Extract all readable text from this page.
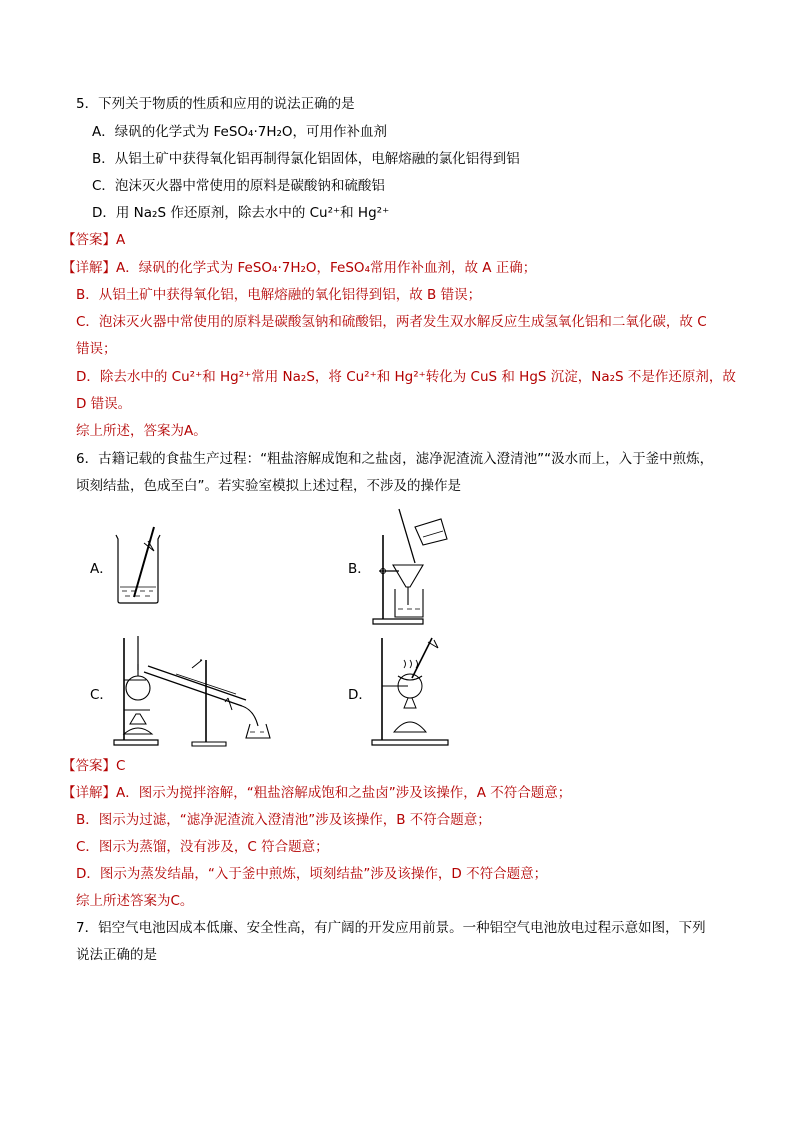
5．下列关于物质的性质和应用的说法正确的是
A．绿矾的化学式为 FeSO₄·7H₂O，可用作补血剂
B．从铝土矿中获得氧化铝再制得氯化铝固体，电解熔融的氯化铝得到铝
C．泡沫灭火器中常使用的原料是碳酸钠和硫酸铝
D．用 Na₂S 作还原剂，除去水中的 Cu²⁺和 Hg²⁺
【答案】A
【详解】A．绿矾的化学式为 FeSO₄·7H₂O，FeSO₄常用作补血剂，故 A 正确；
B．从铝土矿中获得氧化铝，电解熔融的氧化铝得到铝，故 B 错误；
C．泡沫灭火器中常使用的原料是碳酸氢钠和硫酸铝，两者发生双水解反应生成氢氧化铝和二氧化碳，故 C
错误；
D．除去水中的 Cu²⁺和 Hg²⁺常用 Na₂S，将 Cu²⁺和 Hg²⁺转化为 CuS 和 HgS 沉淀，Na₂S 不是作还原剂，故
D 错误。
综上所述，答案为A。
6．古籍记载的食盐生产过程：“粗盐溶解成饱和之盐卤，滤净泥渣流入澄清池”“汲水而上，入于釜中煎炼，
顷刻结盐，色成至白”。若实验室模拟上述过程，不涉及的操作是
A．	B．
C．	D．
【答案】C
【详解】A．图示为搅拌溶解，“粗盐溶解成饱和之盐卤”涉及该操作，A 不符合题意；
B．图示为过滤，“滤净泥渣流入澄清池”涉及该操作，B 不符合题意；
C．图示为蒸馏，没有涉及，C 符合题意；
D．图示为蒸发结晶，“入于釜中煎炼，顷刻结盐”涉及该操作，D 不符合题意；
综上所述答案为C。
7．铝空气电池因成本低廉、安全性高，有广阔的开发应用前景。一种铝空气电池放电过程示意如图，下列
说法正确的是
